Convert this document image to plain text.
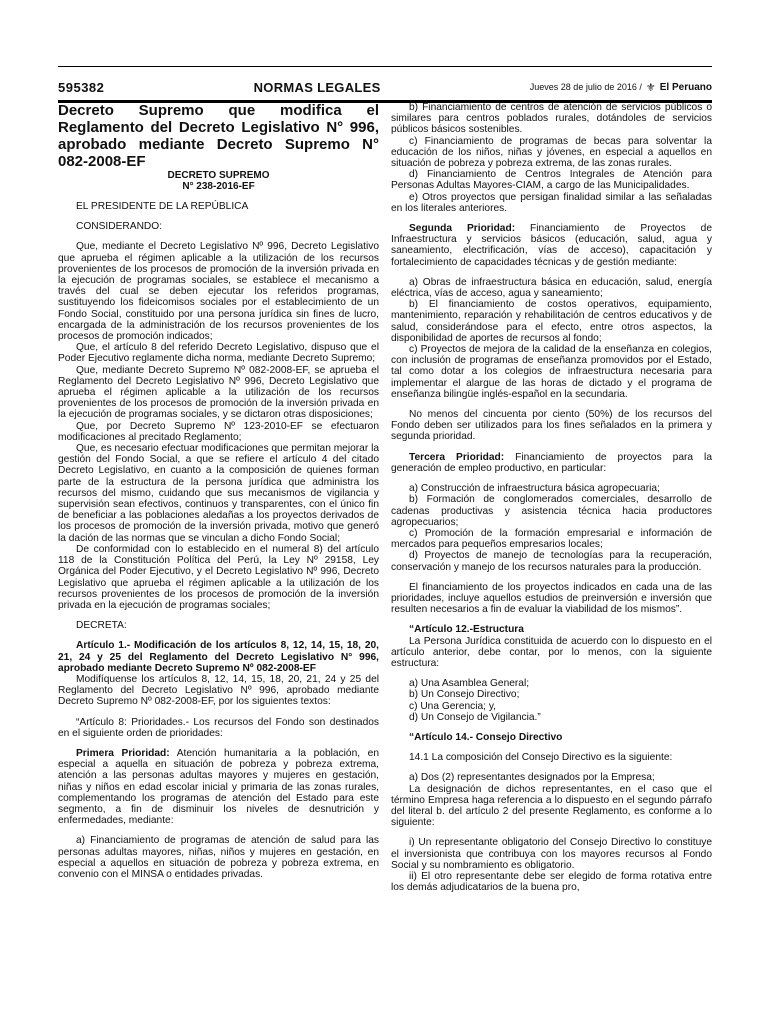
595382	NORMAS LEGALES	Jueves 28 de julio de 2016 / ⚜ El Peruano

Decreto Supremo que modifica el Reglamento del Decreto Legislativo N° 996, aprobado mediante Decreto Supremo N° 082-2008-EF

DECRETO SUPREMO

N° 238-2016-EF

EL PRESIDENTE DE LA REPÚBLICA

CONSIDERANDO:

Que, mediante el Decreto Legislativo Nº 996, Decreto Legislativo que aprueba el régimen aplicable a la utilización de los recursos provenientes de los procesos de promoción de la inversión privada en la ejecución de programas sociales, se establece el mecanismo a través del cual se deben ejecutar los referidos programas, sustituyendo los fideicomisos sociales por el establecimiento de un Fondo Social, constituido por una persona jurídica sin fines de lucro, encargada de la administración de los recursos provenientes de los procesos de promoción indicados;

Que, el artículo 8 del referido Decreto Legislativo, dispuso que el Poder Ejecutivo reglamente dicha norma, mediante Decreto Supremo;

Que, mediante Decreto Supremo Nº 082-2008-EF, se aprueba el Reglamento del Decreto Legislativo Nº 996, Decreto Legislativo que aprueba el régimen aplicable a la utilización de los recursos provenientes de los procesos de promoción de la inversión privada en la ejecución de programas sociales, y se dictaron otras disposiciones;

Que, por Decreto Supremo Nº 123-2010-EF se efectuaron modificaciones al precitado Reglamento;

Que, es necesario efectuar modificaciones que permitan mejorar la gestión del Fondo Social, a que se refiere el artículo 4 del citado Decreto Legislativo, en cuanto a la composición de quienes forman parte de la estructura de la persona jurídica que administra los recursos del mismo, cuidando que sus mecanismos de vigilancia y supervisión sean efectivos, continuos y transparentes, con el único fin de beneficiar a las poblaciones aledañas a los proyectos derivados de los procesos de promoción de la inversión privada, motivo que generó la dación de las normas que se vinculan a dicho Fondo Social;

De conformidad con lo establecido en el numeral 8) del artículo 118 de la Constitución Política del Perú, la Ley Nº 29158, Ley Orgánica del Poder Ejecutivo, y el Decreto Legislativo Nº 996, Decreto Legislativo que aprueba el régimen aplicable a la utilización de los recursos provenientes de los procesos de promoción de la inversión privada en la ejecución de programas sociales;

DECRETA:

Artículo 1.- Modificación de los artículos 8, 12, 14, 15, 18, 20, 21, 24 y 25 del Reglamento del Decreto Legislativo N° 996, aprobado mediante Decreto Supremo Nº 082-2008-EF

Modifíquense los artículos 8, 12, 14, 15, 18, 20, 21, 24 y 25 del Reglamento del Decreto Legislativo Nº 996, aprobado mediante Decreto Supremo Nº 082-2008-EF, por los siguientes textos:

“Artículo 8: Prioridades.- Los recursos del Fondo son destinados en el siguiente orden de prioridades:

Primera Prioridad: Atención humanitaria a la población, en especial a aquella en situación de pobreza y pobreza extrema, atención a las personas adultas mayores y mujeres en gestación, niñas y niños en edad escolar inicial y primaria de las zonas rurales, complementando los programas de atención del Estado para este segmento, a fin de disminuir los niveles de desnutrición y enfermedades, mediante:

a) Financiamiento de programas de atención de salud para las personas adultas mayores, niñas, niños y mujeres en gestación, en especial a aquellos en situación de pobreza y pobreza extrema, en convenio con el MINSA o entidades privadas.

b) Financiamiento de centros de atención de servicios públicos o similares para centros poblados rurales, dotándoles de servicios públicos básicos sostenibles.

c) Financiamiento de programas de becas para solventar la educación de los niños, niñas y jóvenes, en especial a aquellos en situación de pobreza y pobreza extrema, de las zonas rurales.

d) Financiamiento de Centros Integrales de Atención para Personas Adultas Mayores-CIAM, a cargo de las Municipalidades.

e) Otros proyectos que persigan finalidad similar a las señaladas en los literales anteriores.

Segunda Prioridad: Financiamiento de Proyectos de Infraestructura y servicios básicos (educación, salud, agua y saneamiento, electrificación, vías de acceso), capacitación y fortalecimiento de capacidades técnicas y de gestión mediante:

a) Obras de infraestructura básica en educación, salud, energía eléctrica, vías de acceso, agua y saneamiento;

b) El financiamiento de costos operativos, equipamiento, mantenimiento, reparación y rehabilitación de centros educativos y de salud, considerándose para el efecto, entre otros aspectos, la disponibilidad de aportes de recursos al fondo;

c) Proyectos de mejora de la calidad de la enseñanza en colegios, con inclusión de programas de enseñanza promovidos por el Estado, tal como dotar a los colegios de infraestructura necesaria para implementar el alargue de las horas de dictado y el programa de enseñanza bilingüe inglés-español en la secundaria.

No menos del cincuenta por ciento (50%) de los recursos del Fondo deben ser utilizados para los fines señalados en la primera y segunda prioridad.

Tercera Prioridad: Financiamiento de proyectos para la generación de empleo productivo, en particular:

a) Construcción de infraestructura básica agropecuaria;

b) Formación de conglomerados comerciales, desarrollo de cadenas productivas y asistencia técnica hacia productores agropecuarios;

c) Promoción de la formación empresarial e información de mercados para pequeños empresarios locales;

d) Proyectos de manejo de tecnologías para la recuperación, conservación y manejo de los recursos naturales para la producción.

El financiamiento de los proyectos indicados en cada una de las prioridades, incluye aquellos estudios de preinversión e inversión que resulten necesarios a fin de evaluar la viabilidad de los mismos”.

“Artículo 12.-Estructura

La Persona Jurídica constituida de acuerdo con lo dispuesto en el artículo anterior, debe contar, por lo menos, con la siguiente estructura:

a) Una Asamblea General;

b) Un Consejo Directivo;

c) Una Gerencia; y,

d) Un Consejo de Vigilancia.”

“Artículo 14.- Consejo Directivo

14.1 La composición del Consejo Directivo es la siguiente:

a) Dos (2) representantes designados por la Empresa;

La designación de dichos representantes, en el caso que el término Empresa haga referencia a lo dispuesto en el segundo párrafo del literal b. del artículo 2 del presente Reglamento, es conforme a lo siguiente:

i) Un representante obligatorio del Consejo Directivo lo constituye el inversionista que contribuya con los mayores recursos al Fondo Social y su nombramiento es obligatorio.

ii) El otro representante debe ser elegido de forma rotativa entre los demás adjudicatarios de la buena pro,
